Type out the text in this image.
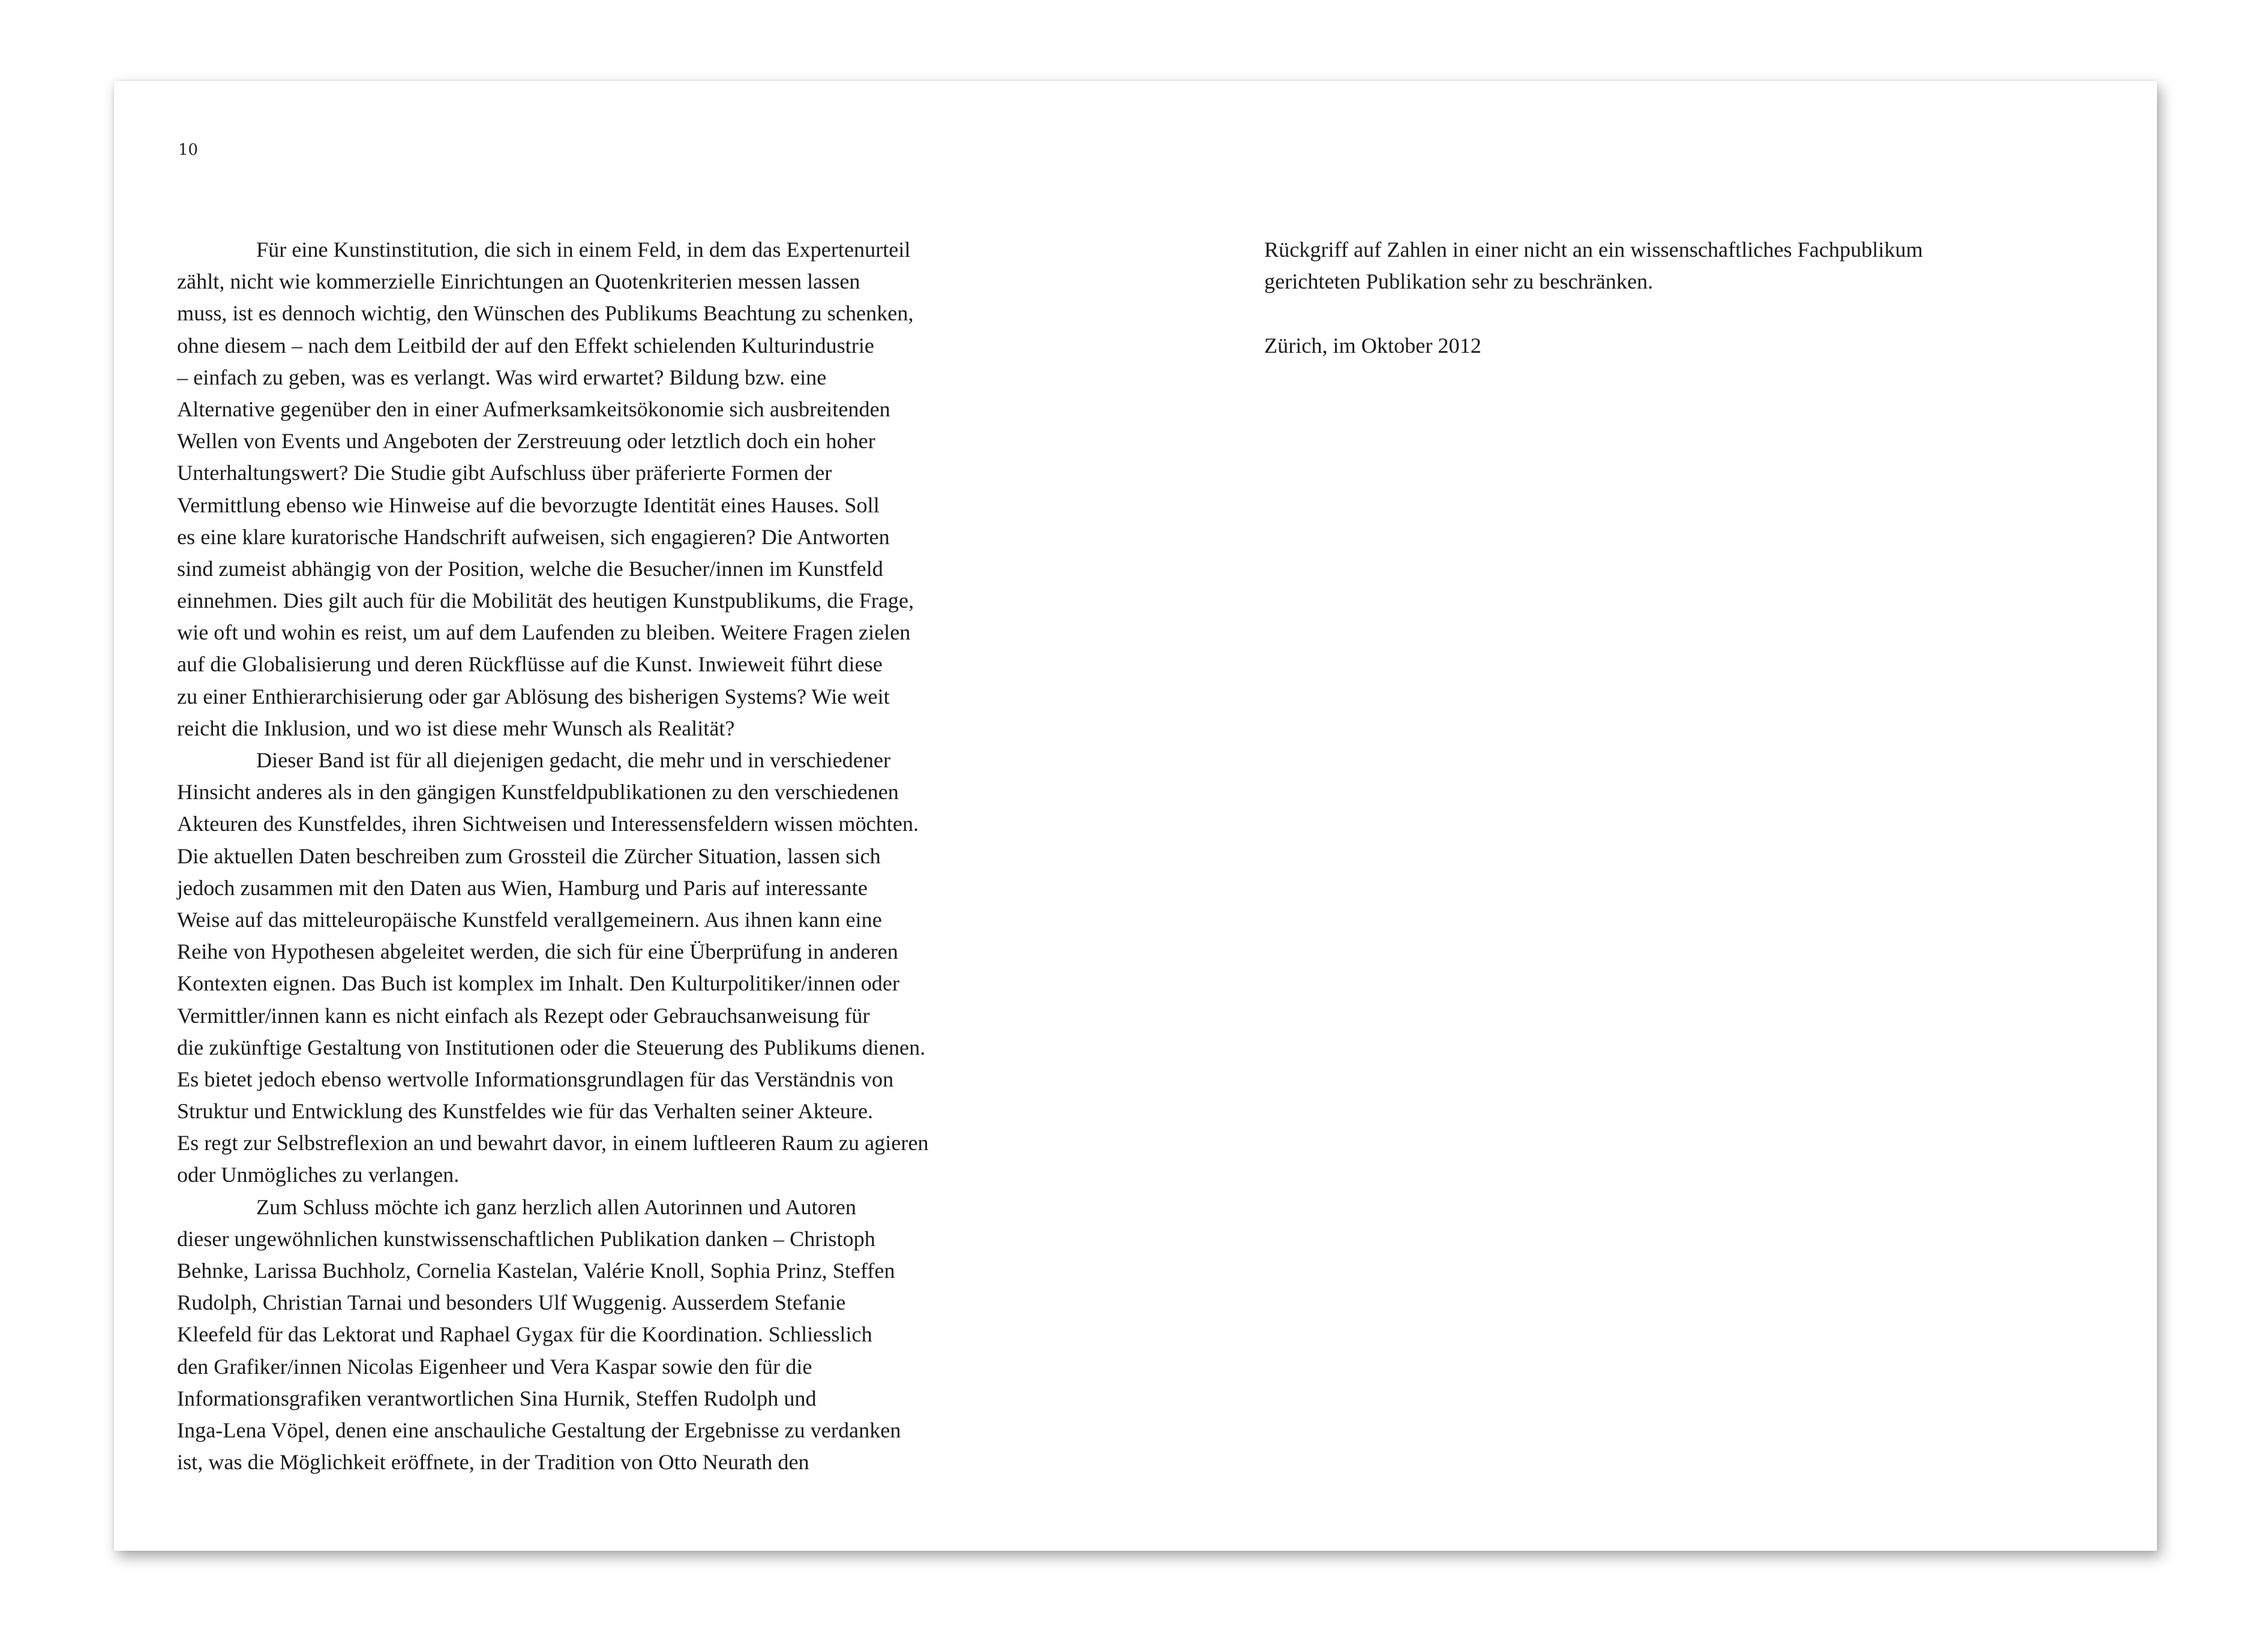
10

Für eine Kunstinstitution, die sich in einem Feld, in dem das Expertenurteil
zählt, nicht wie kommerzielle Einrichtungen an Quotenkriterien messen lassen
muss, ist es dennoch wichtig, den Wünschen des Publikums Beachtung zu schenken,
ohne diesem – nach dem Leitbild der auf den Effekt schielenden Kulturindustrie
– einfach zu geben, was es verlangt. Was wird erwartet? Bildung bzw. eine
Alternative gegenüber den in einer Aufmerksamkeitsökonomie sich ausbreitenden
Wellen von Events und Angeboten der Zerstreuung oder letztlich doch ein hoher
Unterhaltungswert? Die Studie gibt Aufschluss über präferierte Formen der
Vermittlung ebenso wie Hinweise auf die bevorzugte Identität eines Hauses. Soll
es eine klare kuratorische Handschrift aufweisen, sich engagieren? Die Antworten
sind zumeist abhängig von der Position, welche die Besucher/innen im Kunstfeld
einnehmen. Dies gilt auch für die Mobilität des heutigen Kunstpublikums, die Frage,
wie oft und wohin es reist, um auf dem Laufenden zu bleiben. Weitere Fragen zielen
auf die Globalisierung und deren Rückflüsse auf die Kunst. Inwieweit führt diese
zu einer Enthierarchisierung oder gar Ablösung des bisherigen Systems? Wie weit
reicht die Inklusion, und wo ist diese mehr Wunsch als Realität?
Dieser Band ist für all diejenigen gedacht, die mehr und in verschiedener
Hinsicht anderes als in den gängigen Kunstfeldpublikationen zu den verschiedenen
Akteuren des Kunstfeldes, ihren Sichtweisen und Interessensfeldern wissen möchten.
Die aktuellen Daten beschreiben zum Grossteil die Zürcher Situation, lassen sich
jedoch zusammen mit den Daten aus Wien, Hamburg und Paris auf interessante
Weise auf das mitteleuropäische Kunstfeld verallgemeinern. Aus ihnen kann eine
Reihe von Hypothesen abgeleitet werden, die sich für eine Überprüfung in anderen
Kontexten eignen. Das Buch ist komplex im Inhalt. Den Kulturpolitiker/innen oder
Vermittler/innen kann es nicht einfach als Rezept oder Gebrauchsanweisung für
die zukünftige Gestaltung von Institutionen oder die Steuerung des Publikums dienen.
Es bietet jedoch ebenso wertvolle Informationsgrundlagen für das Verständnis von
Struktur und Entwicklung des Kunstfeldes wie für das Verhalten seiner Akteure.
Es regt zur Selbstreflexion an und bewahrt davor, in einem luftleeren Raum zu agieren
oder Unmögliches zu verlangen.
Zum Schluss möchte ich ganz herzlich allen Autorinnen und Autoren
dieser ungewöhnlichen kunstwissenschaftlichen Publikation danken – Christoph
Behnke, Larissa Buchholz, Cornelia Kastelan, Valérie Knoll, Sophia Prinz, Steffen
Rudolph, Christian Tarnai und besonders Ulf Wuggenig. Ausserdem Stefanie
Kleefeld für das Lektorat und Raphael Gygax für die Koordination. Schliesslich
den Grafiker/innen Nicolas Eigenheer und Vera Kaspar sowie den für die
Informationsgrafiken verantwortlichen Sina Hurnik, Steffen Rudolph und
Inga-Lena Vöpel, denen eine anschauliche Gestaltung der Ergebnisse zu verdanken
ist, was die Möglichkeit eröffnete, in der Tradition von Otto Neurath den
Rückgriff auf Zahlen in einer nicht an ein wissenschaftliches Fachpublikum
gerichteten Publikation sehr zu beschränken.
Zürich, im Oktober 2012
